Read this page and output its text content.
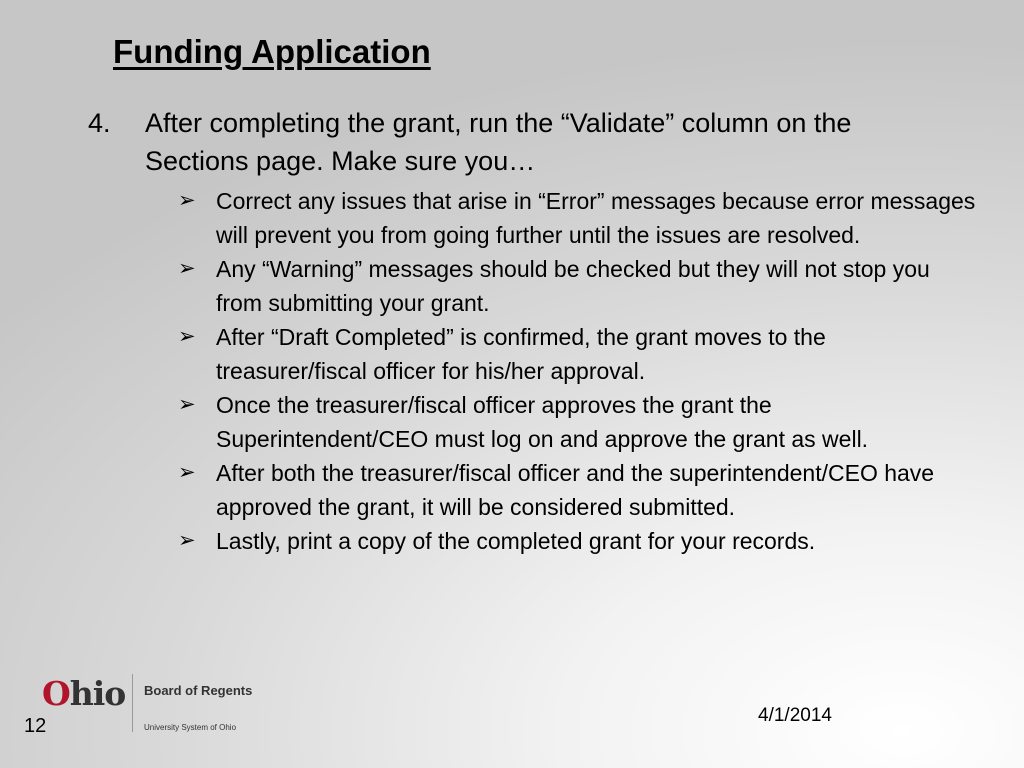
Funding Application
4. After completing the grant, run the “Validate” column on the Sections page. Make sure you…
➢ Correct any issues that arise in “Error” messages because error messages will prevent you from going further until the issues are resolved.
➢ Any “Warning” messages should be checked but they will not stop you from submitting your grant.
➢ After “Draft Completed” is confirmed, the grant moves to the treasurer/fiscal officer for his/her approval.
➢ Once the treasurer/fiscal officer approves the grant the Superintendent/CEO must log on and approve the grant as well.
➢ After both the treasurer/fiscal officer and the superintendent/CEO have approved the grant, it will be considered submitted.
➢ Lastly, print a copy of the completed grant for your records.
Ohio Board of Regents
University System of Ohio
12	4/1/2014
